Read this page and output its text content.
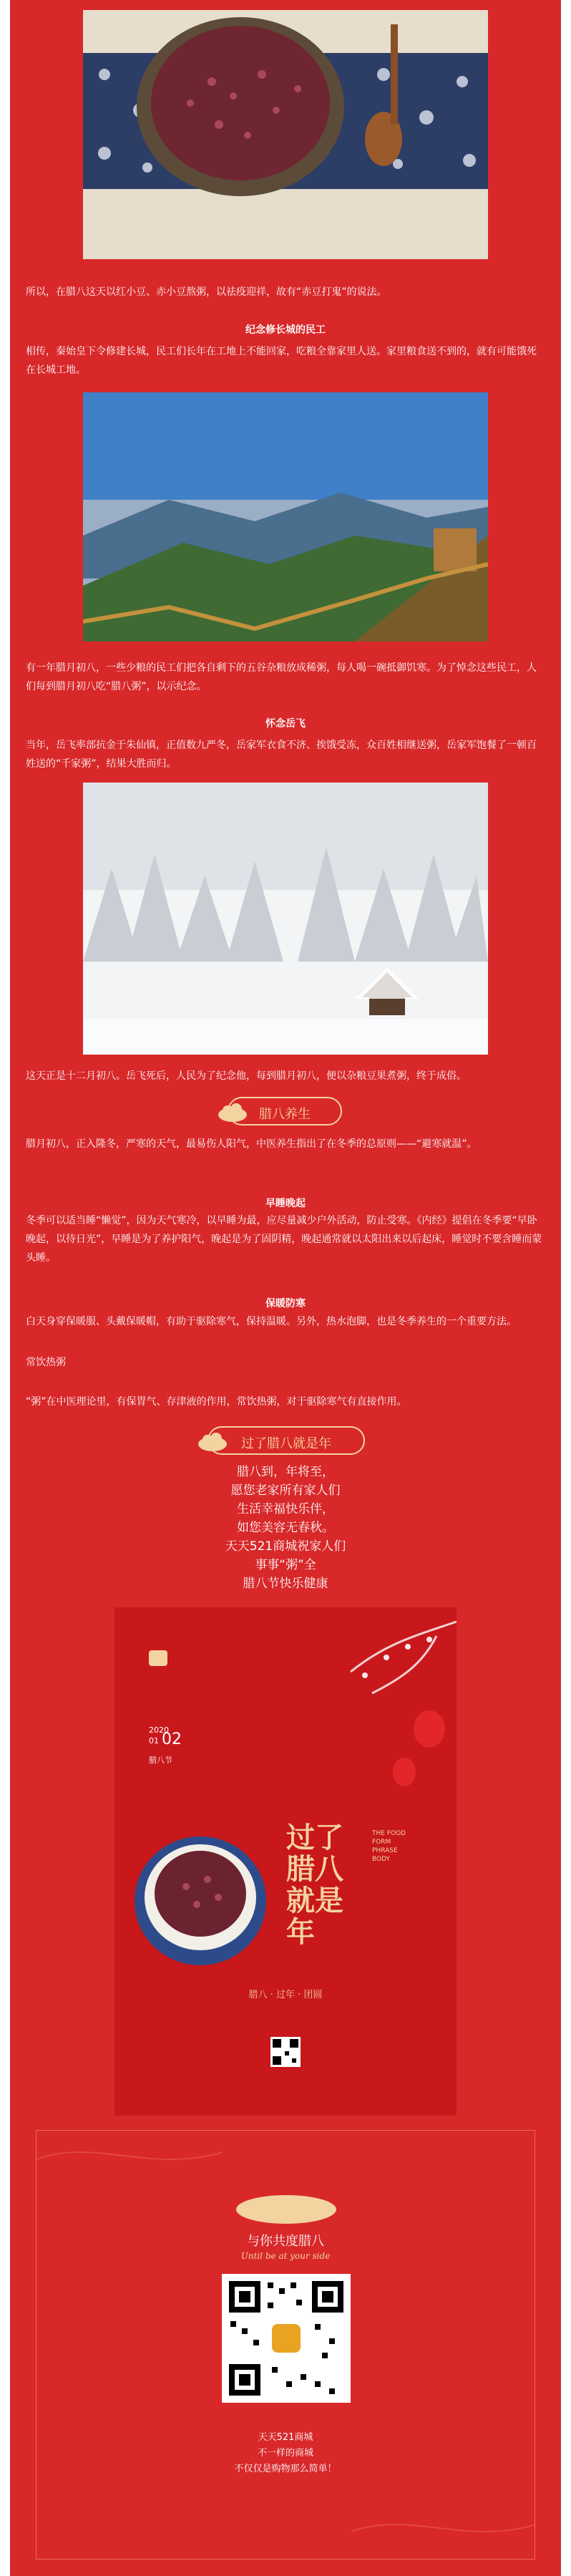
所以，在腊八这天以红小豆、赤小豆熬粥，以祛疫迎祥，故有“赤豆打鬼”的说法。

纪念修长城的民工

相传，秦始皇下令修建长城，民工们长年在工地上不能回家，吃粮全靠家里人送。家里粮食送不到的，就有可能饿死在长城工地。

有一年腊月初八，一些少粮的民工们把各自剩下的五谷杂粮放成稀粥，每人喝一碗抵御饥寒。为了悼念这些民工，人们每到腊月初八吃“腊八粥”，以示纪念。

怀念岳飞

当年，岳飞率部抗金于朱仙镇，正值数九严冬，岳家军衣食不济、挨饿受冻，众百姓相继送粥，岳家军饱餐了一顿百姓送的“千家粥”，结果大胜而归。

这天正是十二月初八。岳飞死后，人民为了纪念他，每到腊月初八，便以杂粮豆果煮粥，终于成俗。

腊八养生

腊月初八，正入隆冬，严寒的天气，最易伤人阳气，中医养生指出了在冬季的总原则——“避寒就温”。

早睡晚起

冬季可以适当睡“懒觉”，因为天气寒冷，以早睡为最，应尽量减少户外活动，防止受寒。《内经》提倡在冬季要“早卧晚起，以待日光”，早睡是为了养护阳气，晚起是为了固阴精，晚起通常就以太阳出来以后起床，睡觉时不要含睡而蒙头睡。

保暖防寒

白天身穿保暖服、头戴保暖帽，有助于驱除寒气，保持温暖。另外，热水泡脚，也是冬季养生的一个重要方法。

常饮热粥

“粥”在中医理论里，有保胃气、存津液的作用，常饮热粥，对于驱除寒气有直接作用。

过了腊八就是年
腊八到，年将至，
愿您老家所有家人们
生活幸福快乐伴，
如您美容无春秋。
天天521商城祝家人们
事事“粥”全
腊八节快乐健康
2020
01 02
腊八节
过了
腊八
就是
年
THE FOOD FORM
PHRASE BODY
腊八 · 过年 · 团圆
与你共度腊八
Until be at your side
天天521商城
不一样的商城
不仅仅是购物那么简单！
